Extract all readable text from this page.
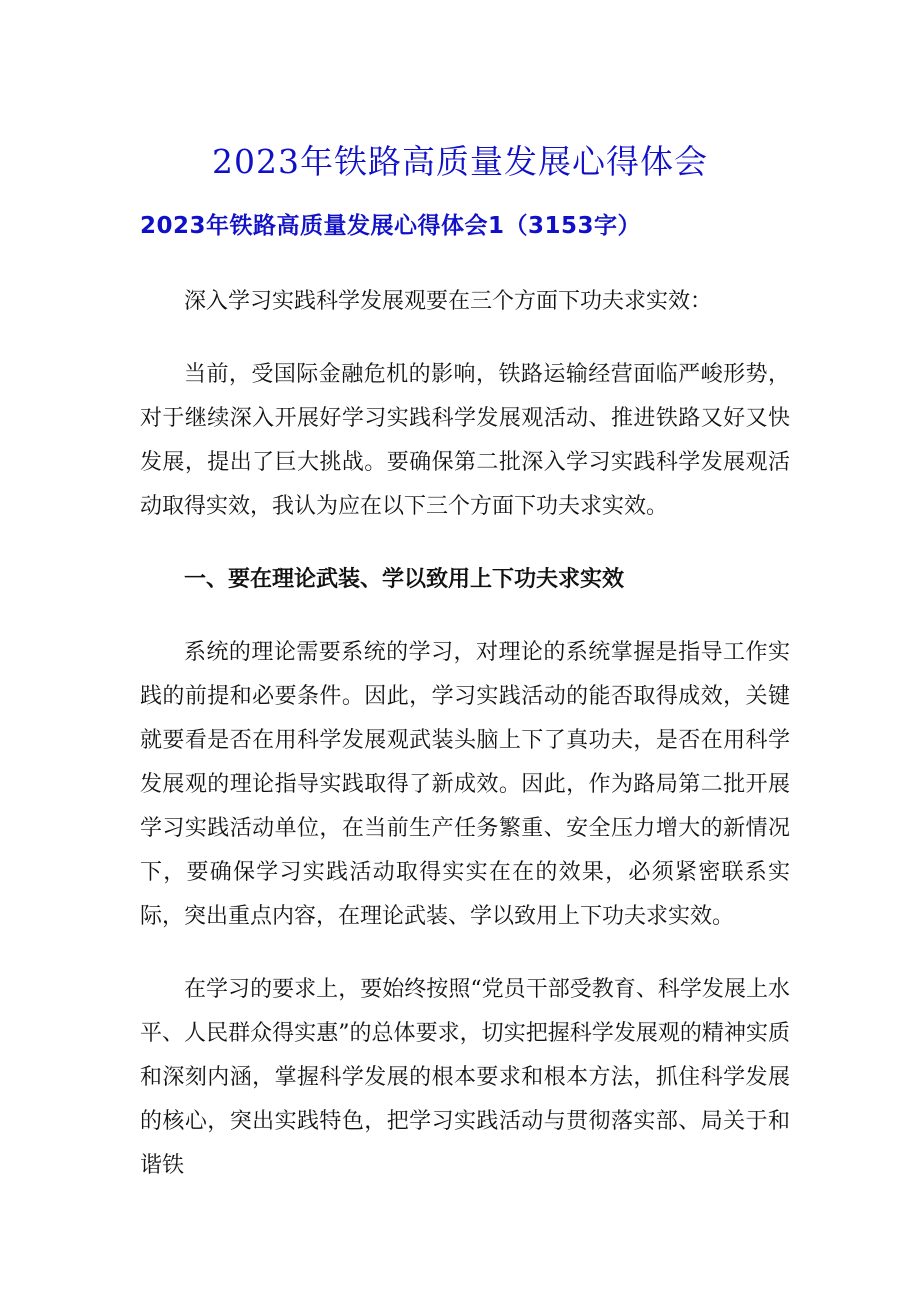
2023年铁路高质量发展心得体会
2023年铁路高质量发展心得体会1（3153字）

深入学习实践科学发展观要在三个方面下功夫求实效：

当前，受国际金融危机的影响，铁路运输经营面临严峻形势，对于继续深入开展好学习实践科学发展观活动、推进铁路又好又快发展，提出了巨大挑战。要确保第二批深入学习实践科学发展观活动取得实效，我认为应在以下三个方面下功夫求实效。

一、要在理论武装、学以致用上下功夫求实效

系统的理论需要系统的学习，对理论的系统掌握是指导工作实践的前提和必要条件。因此，学习实践活动的能否取得成效，关键就要看是否在用科学发展观武装头脑上下了真功夫，是否在用科学发展观的理论指导实践取得了新成效。因此，作为路局第二批开展学习实践活动单位，在当前生产任务繁重、安全压力增大的新情况下，要确保学习实践活动取得实实在在的效果，必须紧密联系实际，突出重点内容，在理论武装、学以致用上下功夫求实效。

在学习的要求上，要始终按照“党员干部受教育、科学发展上水平、人民群众得实惠”的总体要求，切实把握科学发展观的精神实质和深刻内涵，掌握科学发展的根本要求和根本方法，抓住科学发展的核心，突出实践特色，把学习实践活动与贯彻落实部、局关于和谐铁
